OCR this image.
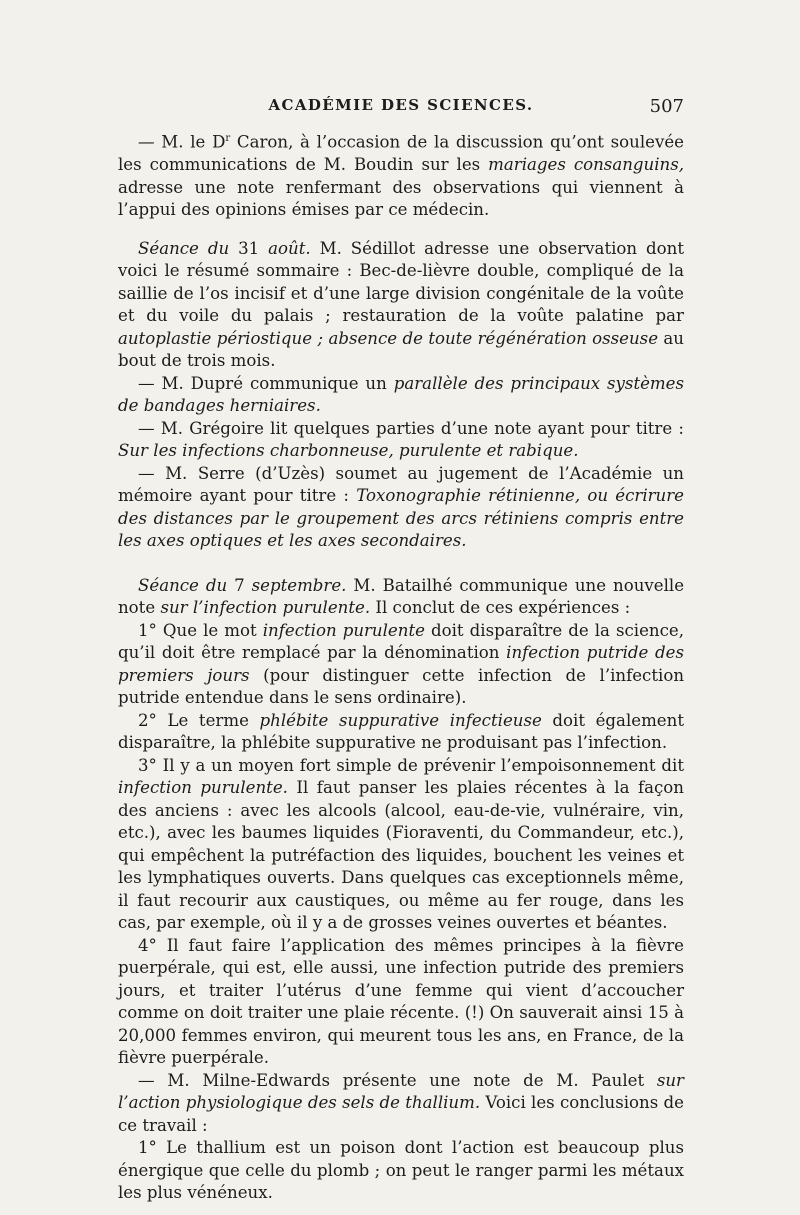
ACADÉMIE DES SCIENCES.	507

— M. le $D^r$ Caron, à l’occasion de la discussion qu’ont soulevée les communications de M. Boudin sur les mariages consanguins, adresse une note renfermant des observations qui viennent à l’appui des opinions émises par ce médecin.

Séance du 31 août. M. Sédillot adresse une observation dont voici le résumé sommaire : Bec-de-lièvre double, compliqué de la saillie de l’os incisif et d’une large division congénitale de la voûte et du voile du palais ; restauration de la voûte palatine par autoplastie périostique ; absence de toute régénération osseuse au bout de trois mois.

— M. Dupré communique un parallèle des principaux systèmes de bandages herniaires.

— M. Grégoire lit quelques parties d’une note ayant pour titre : Sur les infections charbonneuse, purulente et rabique.

— M. Serre (d’Uzès) soumet au jugement de l’Académie un mémoire ayant pour titre : Toxonographie rétinienne, ou écrirure des distances par le groupement des arcs rétiniens compris entre les axes optiques et les axes secondaires.

Séance du 7 septembre. M. Batailhé communique une nouvelle note sur l’infection purulente. Il conclut de ces expériences :

1° Que le mot infection purulente doit disparaître de la science, qu’il doit être remplacé par la dénomination infection putride des premiers jours (pour distinguer cette infection de l’infection putride entendue dans le sens ordinaire).

2° Le terme phlébite suppurative infectieuse doit également disparaître, la phlébite suppurative ne produisant pas l’infection.

3° Il y a un moyen fort simple de prévenir l’empoisonnement dit infection purulente. Il faut panser les plaies récentes à la façon des anciens : avec les alcools (alcool, eau-de-vie, vulnéraire, vin, etc.), avec les baumes liquides (Fioraventi, du Commandeur, etc.), qui empêchent la putréfaction des liquides, bouchent les veines et les lymphatiques ouverts. Dans quelques cas exceptionnels même, il faut recourir aux caustiques, ou même au fer rouge, dans les cas, par exemple, où il y a de grosses veines ouvertes et béantes.

4° Il faut faire l’application des mêmes principes à la fièvre puerpérale, qui est, elle aussi, une infection putride des premiers jours, et traiter l’utérus d’une femme qui vient d’accoucher comme on doit traiter une plaie récente. (!) On sauverait ainsi 15 à 20,000 femmes environ, qui meurent tous les ans, en France, de la fièvre puerpérale.

— M. Milne-Edwards présente une note de M. Paulet sur l’action physiologique des sels de thallium. Voici les conclusions de ce travail :

1° Le thallium est un poison dont l’action est beaucoup plus énergique que celle du plomb ; on peut le ranger parmi les métaux les plus vénéneux.
